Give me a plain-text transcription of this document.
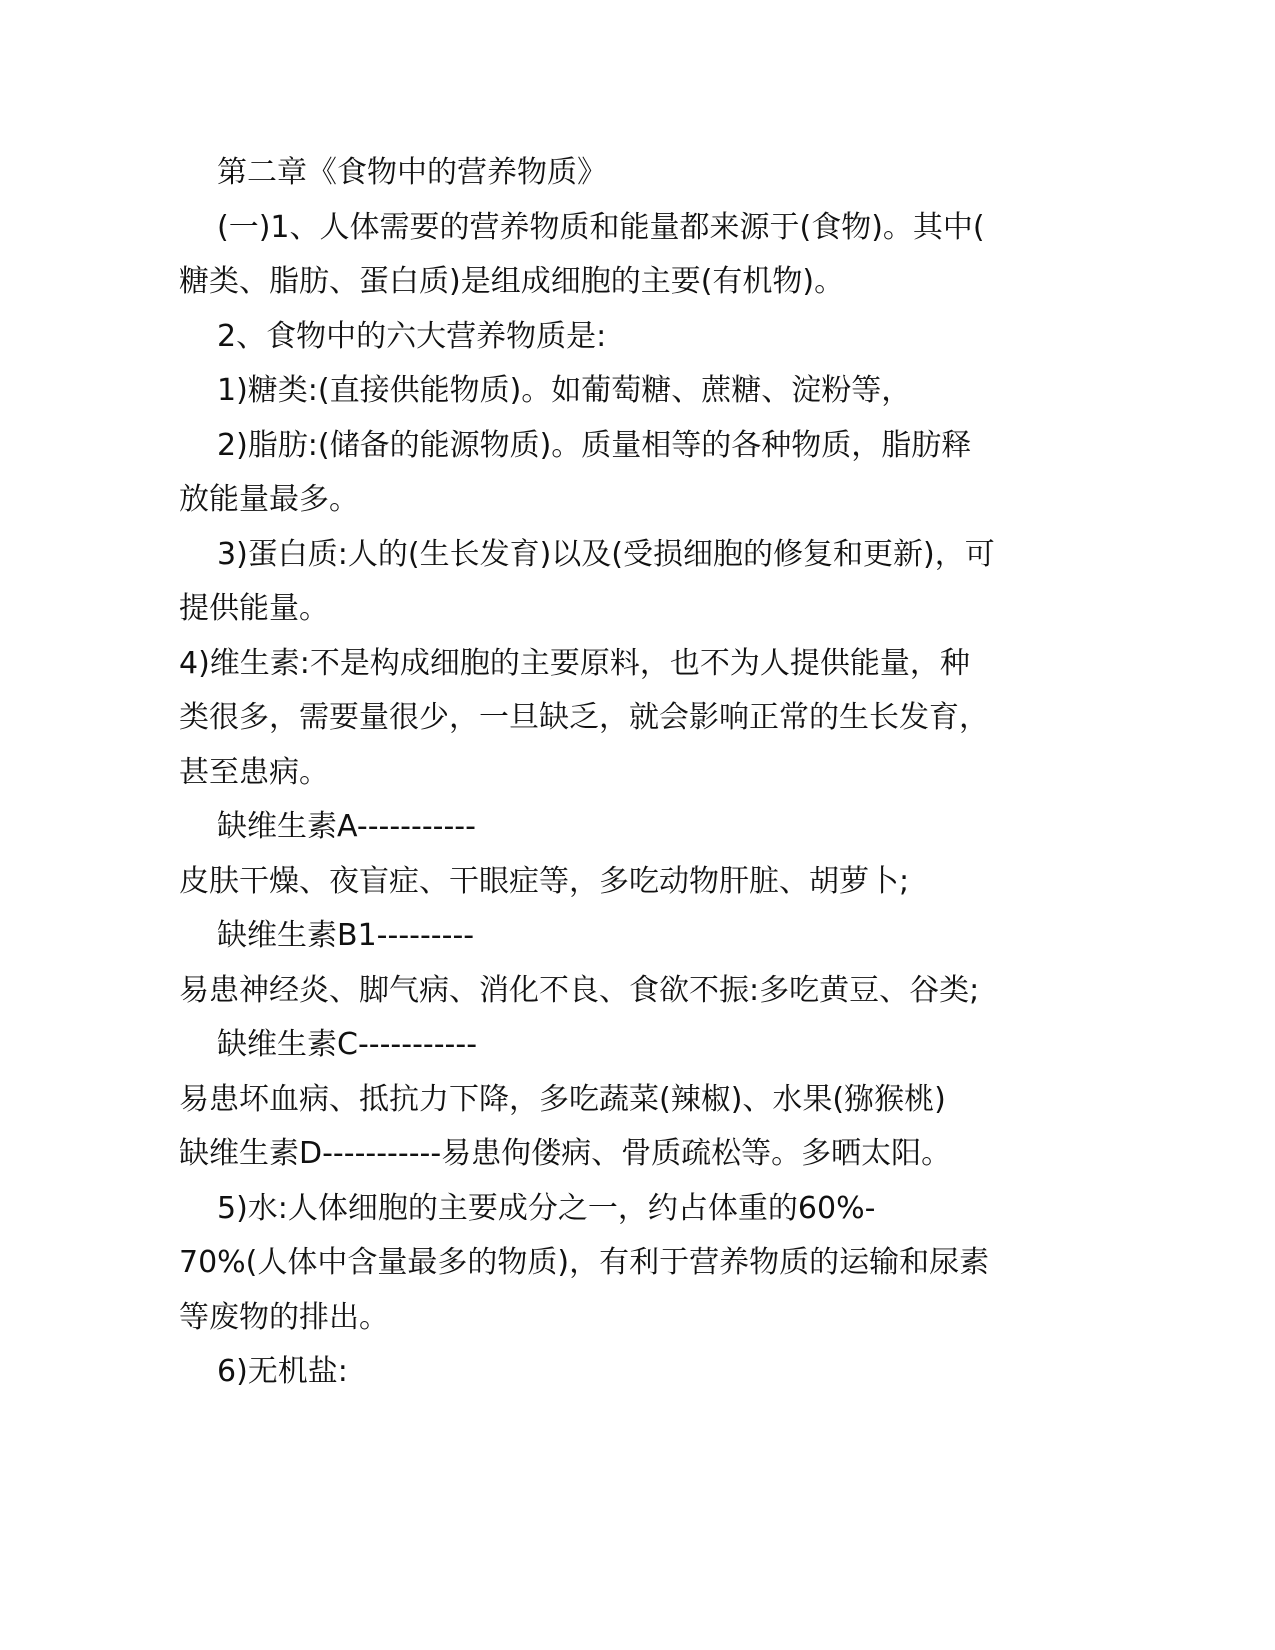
第二章《食物中的营养物质》
(一)1、人体需要的营养物质和能量都来源于(食物)。其中(
糖类、脂肪、蛋白质)是组成细胞的主要(有机物)。
2、食物中的六大营养物质是:
1)糖类:(直接供能物质)。如葡萄糖、蔗糖、淀粉等，
2)脂肪:(储备的能源物质)。质量相等的各种物质，脂肪释
放能量最多。
3)蛋白质:人的(生长发育)以及(受损细胞的修复和更新)，可
提供能量。
4)维生素:不是构成细胞的主要原料，也不为人提供能量，种
类很多，需要量很少，一旦缺乏，就会影响正常的生长发育，
甚至患病。
缺维生素A-----------
皮肤干燥、夜盲症、干眼症等，多吃动物肝脏、胡萝卜;
缺维生素B1---------
易患神经炎、脚气病、消化不良、食欲不振:多吃黄豆、谷类;
缺维生素C-----------
易患坏血病、抵抗力下降，多吃蔬菜(辣椒)、水果(猕猴桃)
缺维生素D-----------易患佝偻病、骨质疏松等。多晒太阳。
5)水:人体细胞的主要成分之一，约占体重的60%-
70%(人体中含量最多的物质)，有利于营养物质的运输和尿素
等废物的排出。
6)无机盐:
